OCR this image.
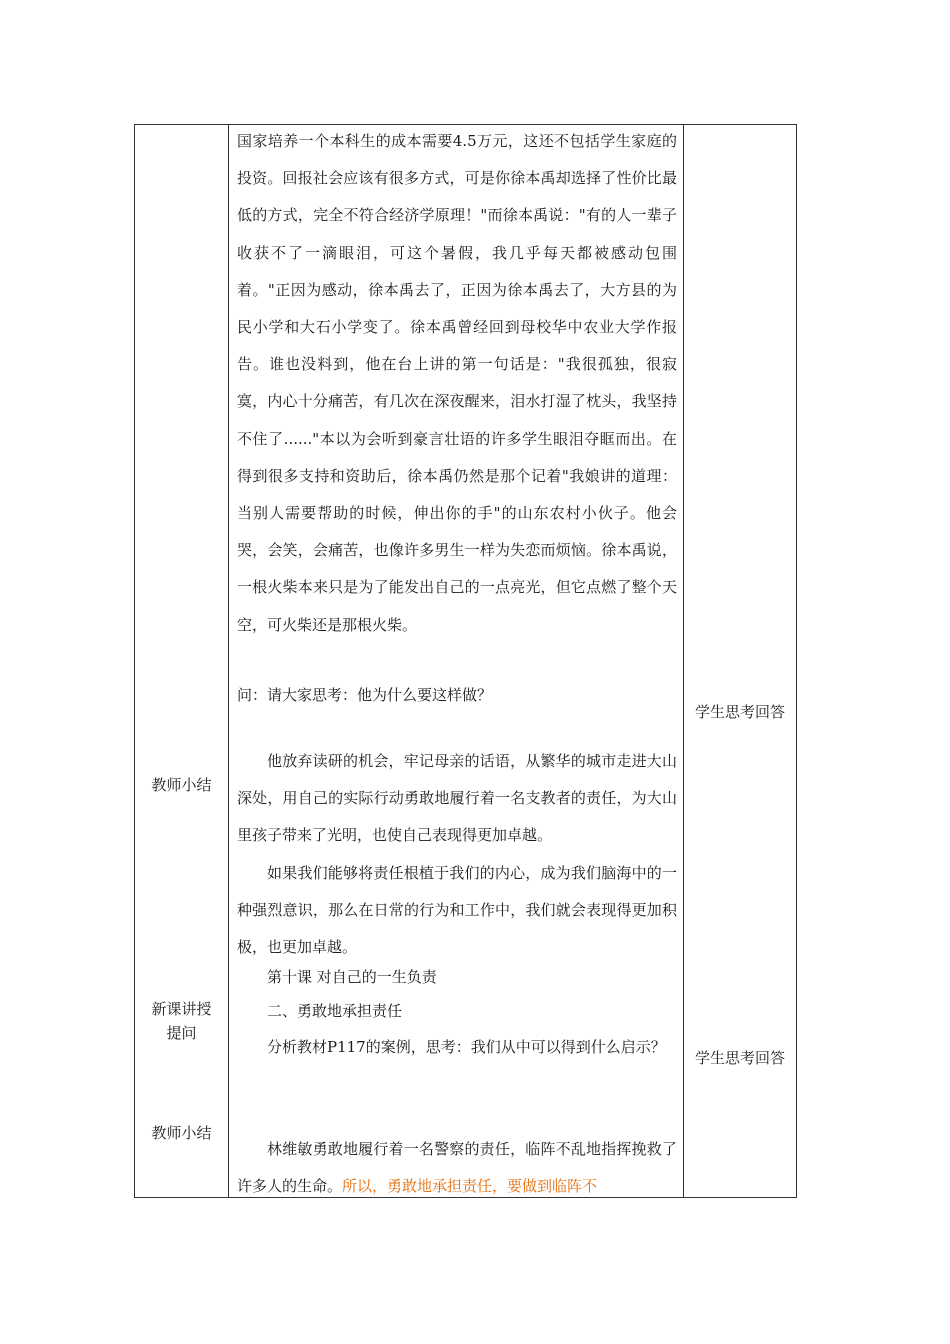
教师小结
新课讲授
提问
教师小结

国家培养一个本科生的成本需要4.5万元，这还不包括学生家庭的投资。回报社会应该有很多方式，可是你徐本禹却选择了性价比最低的方式，完全不符合经济学原理！"而徐本禹说："有的人一辈子收获不了一滴眼泪，可这个暑假，我几乎每天都被感动包围着。"正因为感动，徐本禹去了，正因为徐本禹去了，大方县的为民小学和大石小学变了。徐本禹曾经回到母校华中农业大学作报告。谁也没料到，他在台上讲的第一句话是："我很孤独，很寂寞，内心十分痛苦，有几次在深夜醒来，泪水打湿了枕头，我坚持不住了......"本以为会听到豪言壮语的许多学生眼泪夺眶而出。在得到很多支持和资助后，徐本禹仍然是那个记着"我娘讲的道理：当别人需要帮助的时候，伸出你的手"的山东农村小伙子。他会哭，会笑，会痛苦，也像许多男生一样为失恋而烦恼。徐本禹说，一根火柴本来只是为了能发出自己的一点亮光，但它点燃了整个天空，可火柴还是那根火柴。

问：请大家思考：他为什么要这样做？

他放弃读研的机会，牢记母亲的话语，从繁华的城市走进大山深处，用自己的实际行动勇敢地履行着一名支教者的责任，为大山里孩子带来了光明，也使自己表现得更加卓越。

如果我们能够将责任根植于我们的内心，成为我们脑海中的一种强烈意识，那么在日常的行为和工作中，我们就会表现得更加积极，也更加卓越。

第十课 对自己的一生负责

二、勇敢地承担责任

分析教材P117的案例，思考：我们从中可以得到什么启示？

林维敏勇敢地履行着一名警察的责任，临阵不乱地指挥挽救了许多人的生命。所以，勇敢地承担责任，要做到临阵不

学生思考回答
学生思考回答
